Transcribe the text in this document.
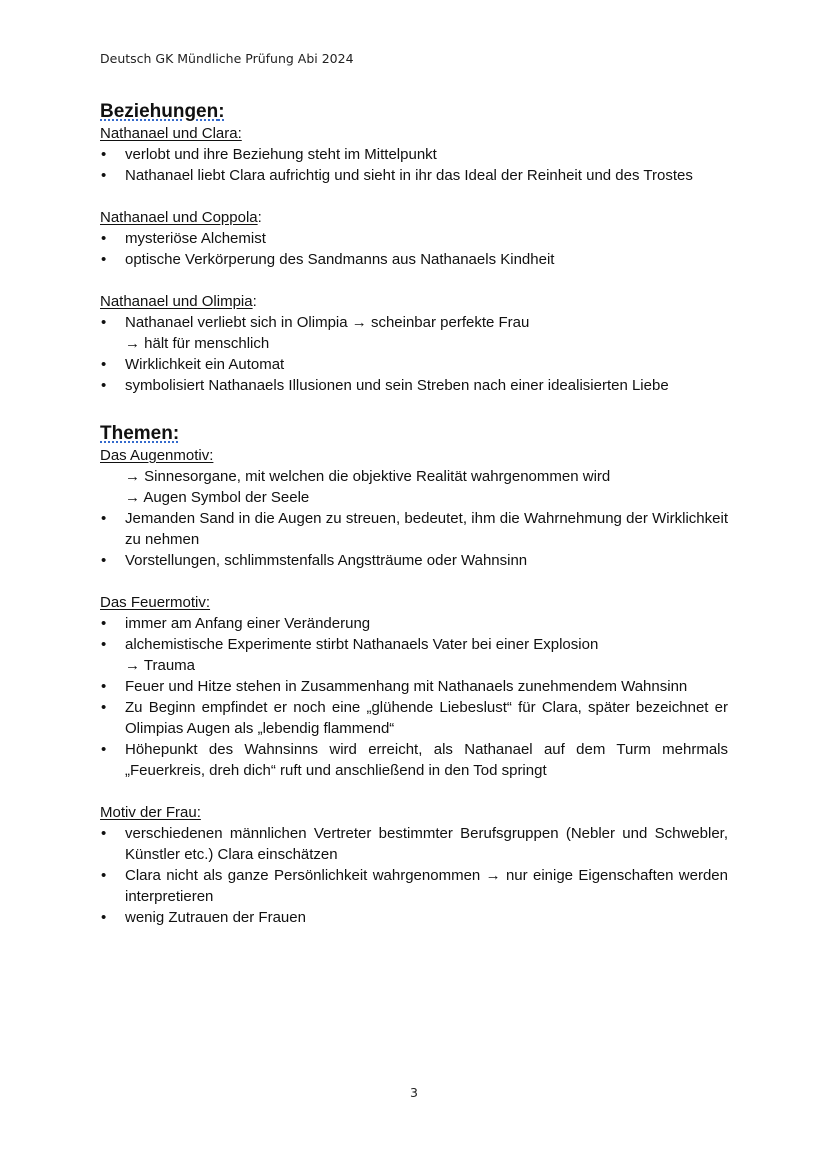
Deutsch GK Mündliche Prüfung Abi 2024
Beziehungen:

Nathanael und Clara:

• verlobt und ihre Beziehung steht im Mittelpunkt
• Nathanael liebt Clara aufrichtig und sieht in ihr das Ideal der Reinheit und des Trostes

Nathanael und Coppola:

• mysteriöse Alchemist
• optische Verkörperung des Sandmanns aus Nathanaels Kindheit

Nathanael und Olimpia:

• Nathanael verliebt sich in Olimpia → scheinbar perfekte Frau
→ hält für menschlich
• Wirklichkeit ein Automat
• symbolisiert Nathanaels Illusionen und sein Streben nach einer idealisierten Liebe
Themen:

Das Augenmotiv:

→ Sinnesorgane, mit welchen die objektive Realität wahrgenommen wird

→ Augen Symbol der Seele

• Jemanden Sand in die Augen zu streuen, bedeutet, ihm die Wahrnehmung der Wirklichkeit zu nehmen
• Vorstellungen, schlimmstenfalls Angstträume oder Wahnsinn

Das Feuermotiv:

• immer am Anfang einer Veränderung
• alchemistische Experimente stirbt Nathanaels Vater bei einer Explosion
→ Trauma
• Feuer und Hitze stehen in Zusammenhang mit Nathanaels zunehmendem Wahnsinn
• Zu Beginn empfindet er noch eine „glühende Liebeslust“ für Clara, später bezeichnet er Olimpias Augen als „lebendig flammend“
• Höhepunkt des Wahnsinns wird erreicht, als Nathanael auf dem Turm mehrmals „Feuerkreis, dreh dich“ ruft und anschließend in den Tod springt

Motiv der Frau:

• verschiedenen männlichen Vertreter bestimmter Berufsgruppen (Nebler und Schwebler, Künstler etc.) Clara einschätzen
• Clara nicht als ganze Persönlichkeit wahrgenommen → nur einige Eigenschaften werden interpretieren
• wenig Zutrauen der Frauen
3
